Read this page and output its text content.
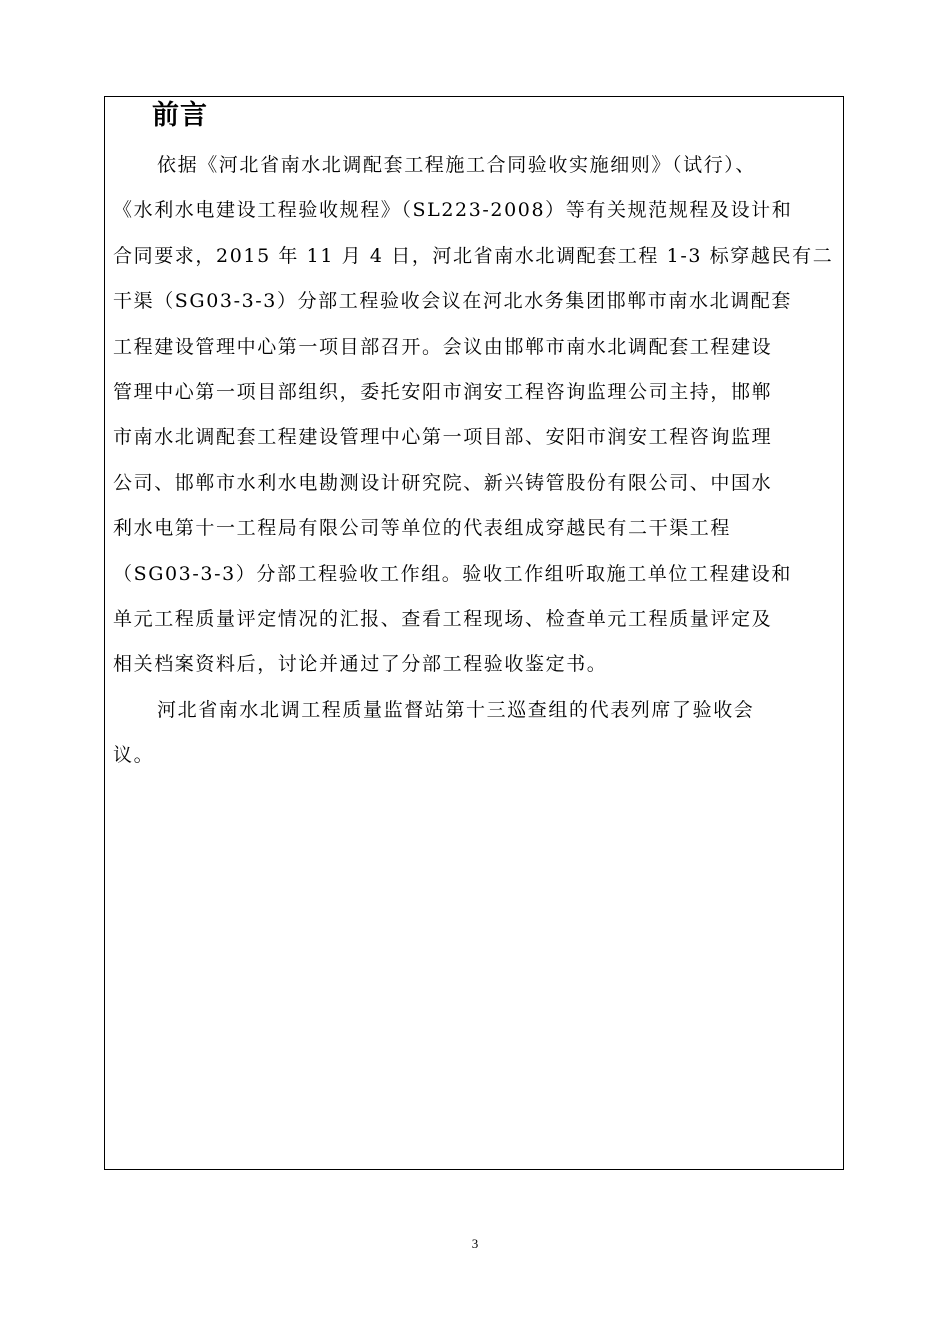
前言
依据《河北省南水北调配套工程施工合同验收实施细则》（试行）、
《水利水电建设工程验收规程》（SL223-2008）等有关规范规程及设计和
合同要求，2015 年 11 月 4 日，河北省南水北调配套工程 1-3 标穿越民有二
干渠（SG03-3-3）分部工程验收会议在河北水务集团邯郸市南水北调配套
工程建设管理中心第一项目部召开。会议由邯郸市南水北调配套工程建设
管理中心第一项目部组织，委托安阳市润安工程咨询监理公司主持，邯郸
市南水北调配套工程建设管理中心第一项目部、安阳市润安工程咨询监理
公司、邯郸市水利水电勘测设计研究院、新兴铸管股份有限公司、中国水
利水电第十一工程局有限公司等单位的代表组成穿越民有二干渠工程
（SG03-3-3）分部工程验收工作组。验收工作组听取施工单位工程建设和
单元工程质量评定情况的汇报、查看工程现场、检查单元工程质量评定及
相关档案资料后，讨论并通过了分部工程验收鉴定书。
河北省南水北调工程质量监督站第十三巡查组的代表列席了验收会
议。
3
